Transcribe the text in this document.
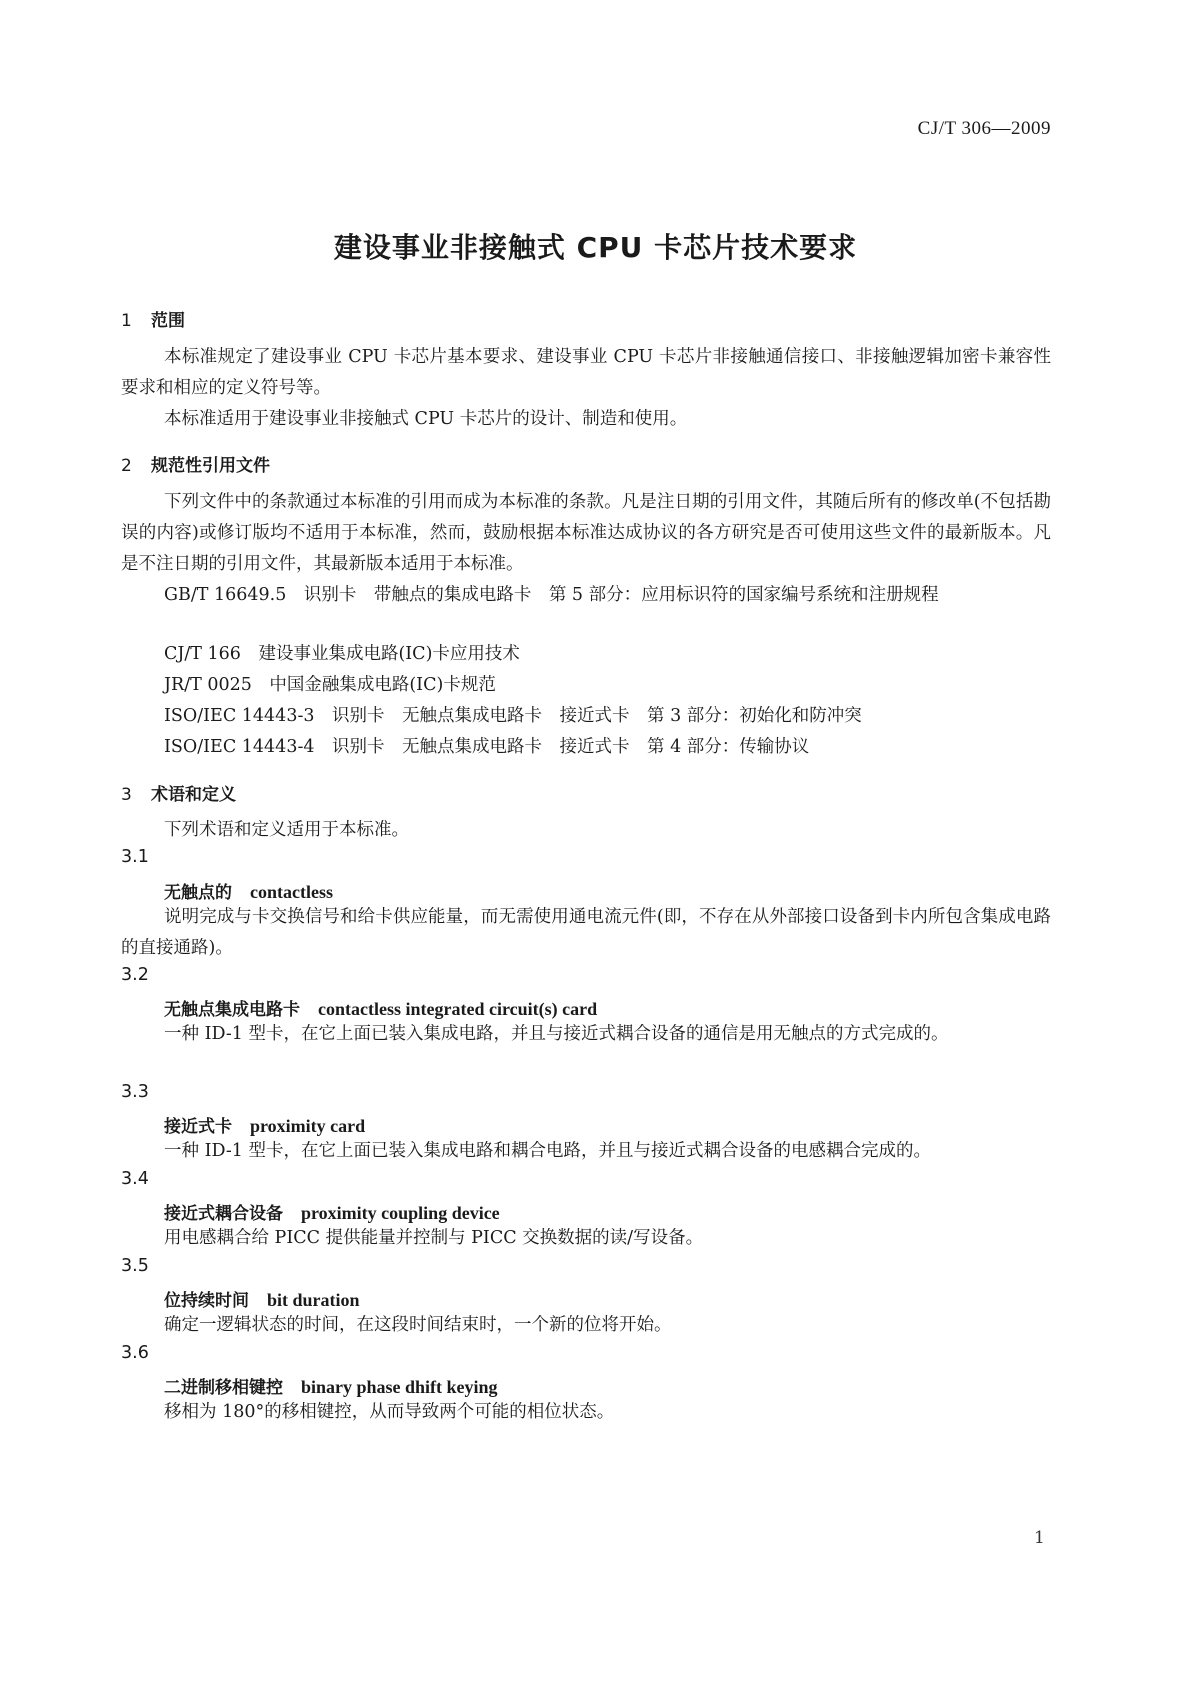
CJ/T 306—2009
建设事业非接触式 CPU 卡芯片技术要求
1 范围
本标准规定了建设事业 CPU 卡芯片基本要求、建设事业 CPU 卡芯片非接触通信接口、非接触逻辑加密卡兼容性要求和相应的定义符号等。
本标准适用于建设事业非接触式 CPU 卡芯片的设计、制造和使用。
2 规范性引用文件
下列文件中的条款通过本标准的引用而成为本标准的条款。凡是注日期的引用文件，其随后所有的修改单(不包括勘误的内容)或修订版均不适用于本标准，然而，鼓励根据本标准达成协议的各方研究是否可使用这些文件的最新版本。凡是不注日期的引用文件，其最新版本适用于本标准。
GB/T 16649.5　识别卡　带触点的集成电路卡　第 5 部分：应用标识符的国家编号系统和注册规程
CJ/T 166　建设事业集成电路(IC)卡应用技术
JR/T 0025　中国金融集成电路(IC)卡规范
ISO/IEC 14443-3　识别卡　无触点集成电路卡　接近式卡　第 3 部分：初始化和防冲突
ISO/IEC 14443-4　识别卡　无触点集成电路卡　接近式卡　第 4 部分：传输协议
3 术语和定义
下列术语和定义适用于本标准。
3.1
无触点的 contactless
说明完成与卡交换信号和给卡供应能量，而无需使用通电流元件(即，不存在从外部接口设备到卡内所包含集成电路的直接通路)。
3.2
无触点集成电路卡 contactless integrated circuit(s) card
一种 ID-1 型卡，在它上面已装入集成电路，并且与接近式耦合设备的通信是用无触点的方式完成的。
3.3
接近式卡 proximity card
一种 ID-1 型卡，在它上面已装入集成电路和耦合电路，并且与接近式耦合设备的电感耦合完成的。
3.4
接近式耦合设备 proximity coupling device
用电感耦合给 PICC 提供能量并控制与 PICC 交换数据的读/写设备。
3.5
位持续时间 bit duration
确定一逻辑状态的时间，在这段时间结束时，一个新的位将开始。
3.6
二进制移相键控 binary phase dhift keying
移相为 180°的移相键控，从而导致两个可能的相位状态。
1
